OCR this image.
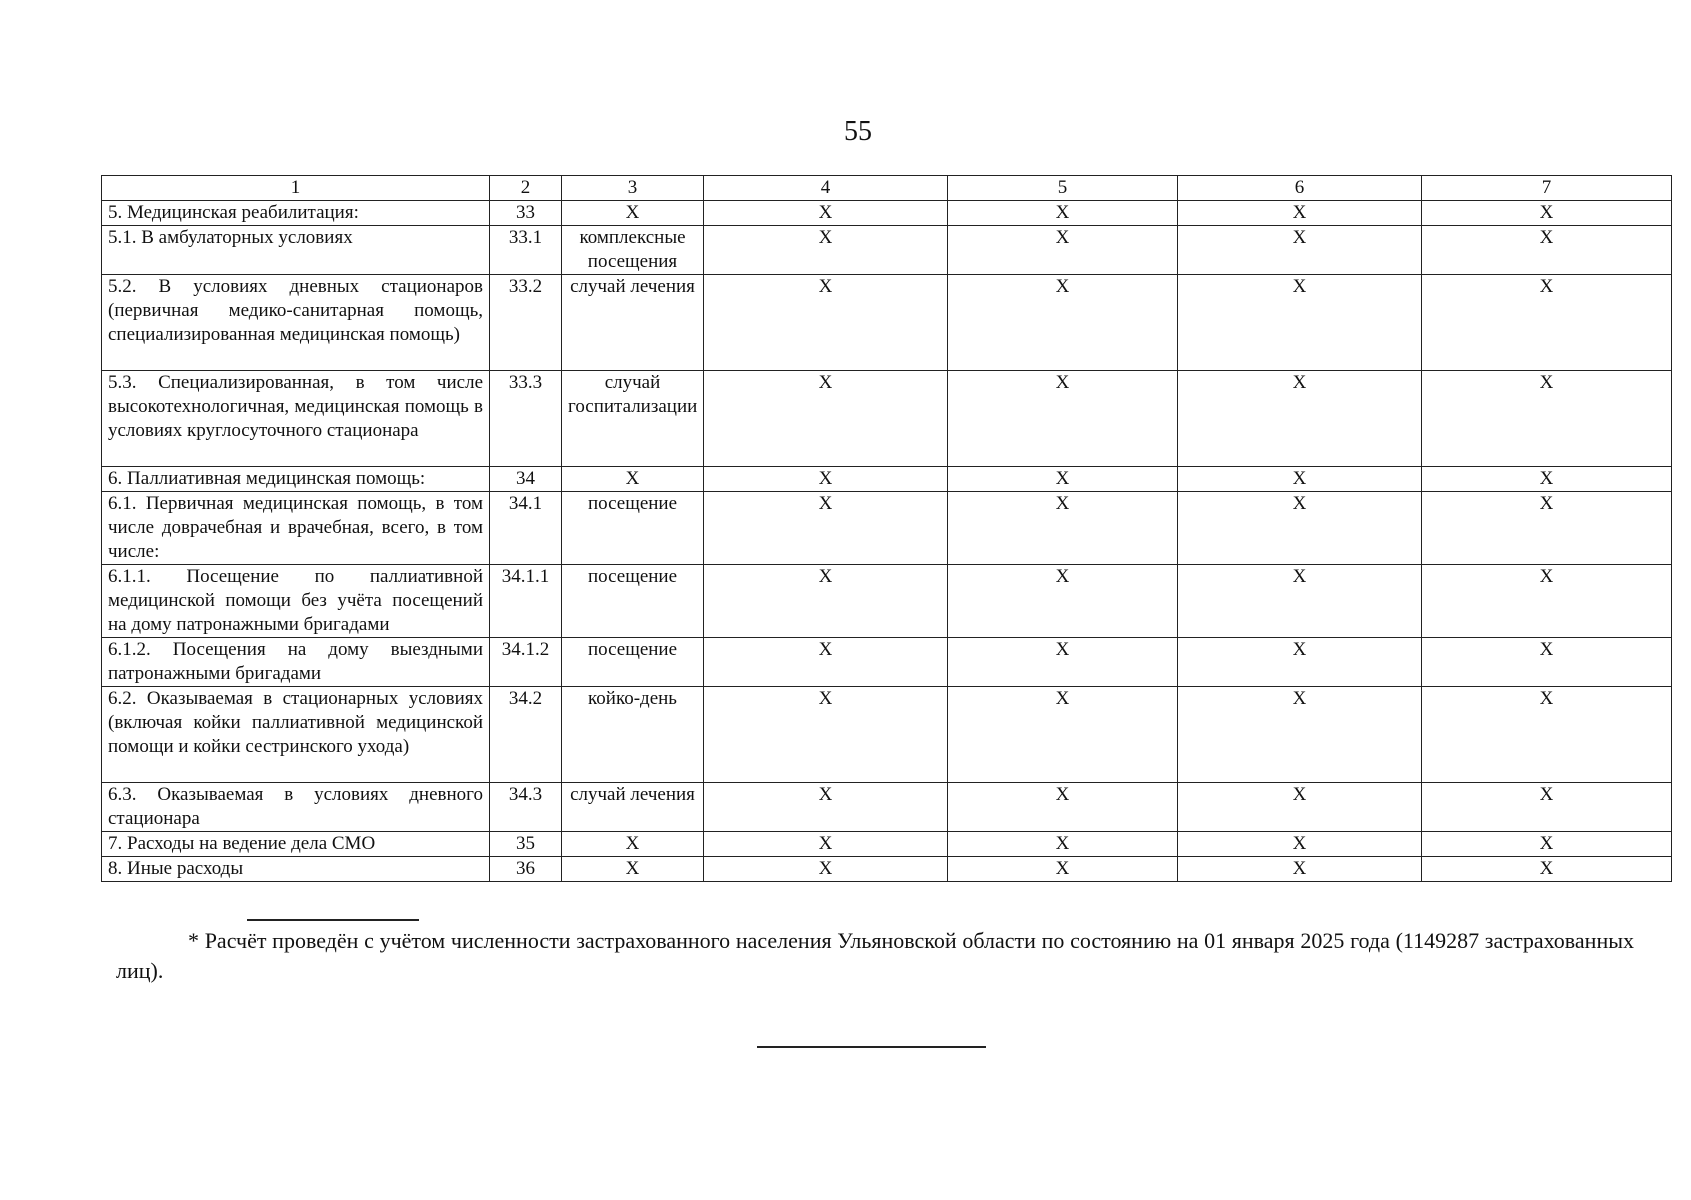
55
1	2	3	4	5	6	7
5. Медицинская реабилитация:	33	X	X	X	X	X
5.1. В амбулаторных условиях	33.1	комплексные посещения	X	X	X	X
5.2. В условиях дневных стационаров (первичная медико-санитарная помощь, специализированная медицинская помощь)	33.2	случай лечения	X	X	X	X
5.3. Специализированная, в том числе высокотехнологичная, медицинская помощь в условиях круглосуточного стационара	33.3	случай госпитализации	X	X	X	X
6. Паллиативная медицинская помощь:	34	X	X	X	X	X
6.1. Первичная медицинская помощь, в том числе доврачебная и врачебная, всего, в том числе:	34.1	посещение	X	X	X	X
6.1.1. Посещение по паллиативной медицинской помощи без учёта посещений на дому патронажными бригадами	34.1.1	посещение	X	X	X	X
6.1.2. Посещения на дому выездными патронажными бригадами	34.1.2	посещение	X	X	X	X
6.2. Оказываемая в стационарных условиях (включая койки паллиативной медицинской помощи и койки сестринского ухода)	34.2	койко-день	X	X	X	X
6.3. Оказываемая в условиях дневного стационара	34.3	случай лечения	X	X	X	X
7. Расходы на ведение дела СМО	35	X	X	X	X	X
8. Иные расходы	36	X	X	X	X	X
* Расчёт проведён с учётом численности застрахованного населения Ульяновской области по состоянию на 01 января 2025 года (1149287 застрахованных лиц).
